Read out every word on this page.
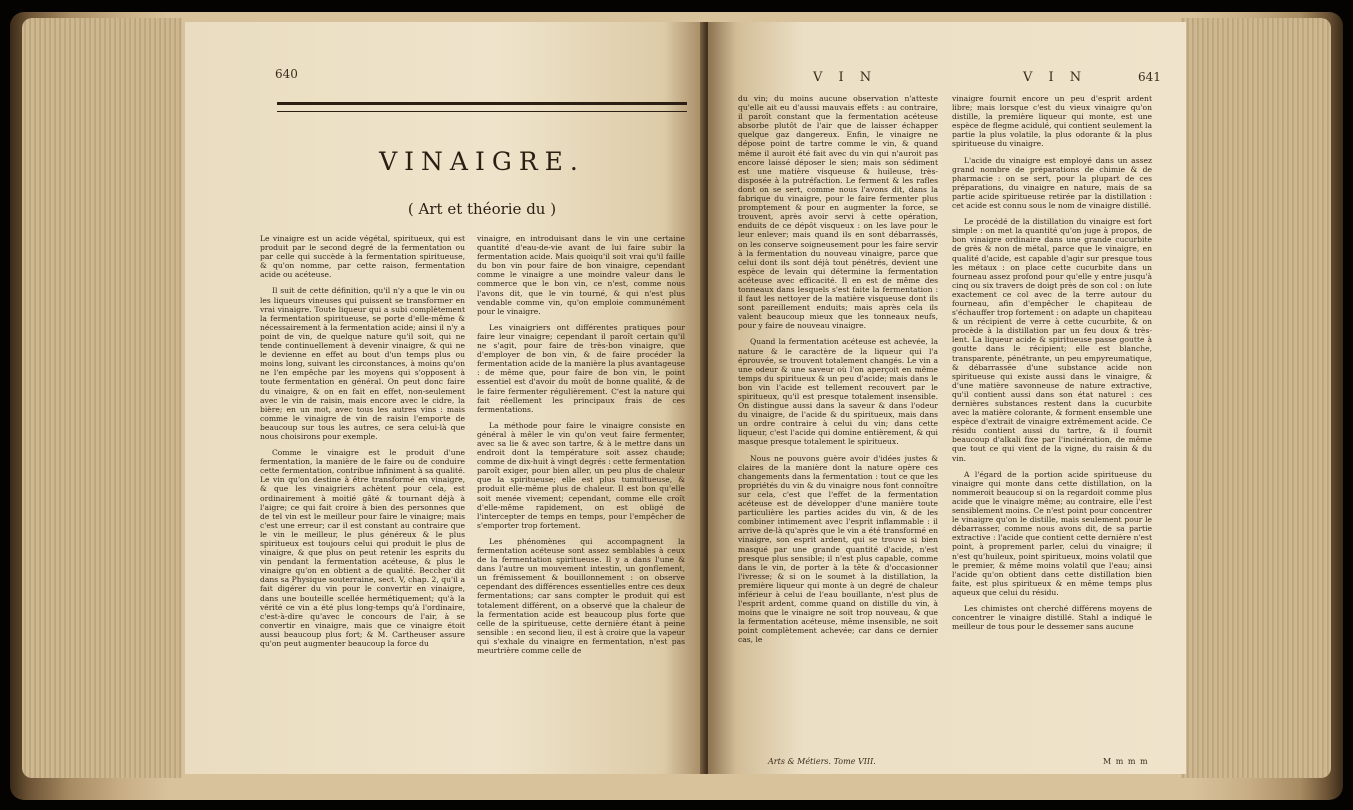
640
VINAIGRE.
( Art et théorie du )

Le vinaigre est un acide végétal, spiritueux, qui est produit par le second degré de la fermentation ou par celle qui succède à la fermentation spiritueuse, & qu'on nomme, par cette raison, fermentation acide ou acéteuse.

Il suit de cette définition, qu'il n'y a que le vin ou les liqueurs vineuses qui puissent se transformer en vrai vinaigre. Toute liqueur qui a subi complètement la fermentation spiritueuse, se porte d'elle-même & nécessairement à la fermentation acide; ainsi il n'y a point de vin, de quelque nature qu'il soit, qui ne tende continuellement à devenir vinaigre, & qui ne le devienne en effet au bout d'un temps plus ou moins long, suivant les circonstances, à moins qu'on ne l'en empêche par les moyens qui s'opposent à toute fermentation en général. On peut donc faire du vinaigre, & on en fait en effet, non-seulement avec le vin de raisin, mais encore avec le cidre, la bière; en un mot, avec tous les autres vins : mais comme le vinaigre de vin de raisin l'emporte de beaucoup sur tous les autres, ce sera celui-là que nous choisirons pour exemple.

Comme le vinaigre est le produit d'une fermentation, la manière de le faire ou de conduire cette fermentation, contribue infiniment à sa qualité. Le vin qu'on destine à être transformé en vinaigre, & que les vinaigriers achètent pour cela, est ordinairement à moitié gâté & tournant déjà à l'aigre; ce qui fait croire à bien des personnes que de tel vin est le meilleur pour faire le vinaigre; mais c'est une erreur; car il est constant au contraire que le vin le meilleur, le plus généreux & le plus spiritueux est toujours celui qui produit le plus de vinaigre, & que plus on peut retenir les esprits du vin pendant la fermentation acéteuse, & plus le vinaigre qu'on en obtient a de qualité. Beccher dit dans sa Physique souterraine, sect. V, chap. 2, qu'il a fait digérer du vin pour le convertir en vinaigre, dans une bouteille scellée hermétiquement; qu'à la vérité ce vin a été plus long-temps qu'à l'ordinaire, c'est-à-dire qu'avec le concours de l'air, à se convertir en vinaigre, mais que ce vinaigre étoit aussi beaucoup plus fort; & M. Cartheuser assure qu'on peut augmenter beaucoup la force du

vinaigre, en introduisant dans le vin une certaine quantité d'eau-de-vie avant de lui faire subir la fermentation acide. Mais quoiqu'il soit vrai qu'il faille du bon vin pour faire de bon vinaigre, cependant comme le vinaigre a une moindre valeur dans le commerce que le bon vin, ce n'est, comme nous l'avons dit, que le vin tourné, & qui n'est plus vendable comme vin, qu'on emploie communément pour le vinaigre.

Les vinaigriers ont différentes pratiques pour faire leur vinaigre; cependant il paroît certain qu'il ne s'agit, pour faire de très-bon vinaigre, que d'employer de bon vin, & de faire procéder la fermentation acide de la manière la plus avantageuse : de même que, pour faire de bon vin, le point essentiel est d'avoir du moût de bonne qualité, & de le faire fermenter régulièrement. C'est la nature qui fait réellement les principaux frais de ces fermentations.

La méthode pour faire le vinaigre consiste en général à mêler le vin qu'on veut faire fermenter, avec sa lie & avec son tartre, & à le mettre dans un endroit dont la température soit assez chaude; comme de dix-huit à vingt degrés : cette fermentation paroît exiger, pour bien aller, un peu plus de chaleur que la spiritueuse; elle est plus tumultueuse, & produit elle-même plus de chaleur. Il est bon qu'elle soit menée vivement; cependant, comme elle croît d'elle-même rapidement, on est obligé de l'intercepter de temps en temps, pour l'empêcher de s'emporter trop fortement.

Les phénomènes qui accompagnent la fermentation acéteuse sont assez semblables à ceux de la fermentation spiritueuse. Il y a dans l'une & dans l'autre un mouvement intestin, un gonflement, un frémissement & bouillonnement : on observe cependant des différences essentielles entre ces deux fermentations; car sans compter le produit qui est totalement différent, on a observé que la chaleur de la fermentation acide est beaucoup plus forte que celle de la spiritueuse, cette dernière étant à peine sensible : en second lieu, il est à croire que la vapeur qui s'exhale du vinaigre en fermentation, n'est pas meurtrière comme celle de

V I N	V I N	641

du vin; du moins aucune observation n'atteste qu'elle ait eu d'aussi mauvais effets : au contraire, il paroît constant que la fermentation acéteuse absorbe plutôt de l'air que de laisser échapper quelque gaz dangereux. Enfin, le vinaigre ne dépose point de tartre comme le vin, & quand même il auroit été fait avec du vin qui n'auroit pas encore laissé déposer le sien; mais son sédiment est une matière visqueuse & huileuse, très-disposée à la putréfaction. Le ferment & les rafles dont on se sert, comme nous l'avons dit, dans la fabrique du vinaigre, pour le faire fermenter plus promptement & pour en augmenter la force, se trouvent, après avoir servi à cette opération, enduits de ce dépôt visqueux : on les lave pour le leur enlever; mais quand ils en sont débarrassés, on les conserve soigneusement pour les faire servir à la fermentation du nouveau vinaigre, parce que celui dont ils sont déjà tout pénétrés, devient une espèce de levain qui détermine la fermentation acéteuse avec efficacité. Il en est de même des tonneaux dans lesquels s'est faite la fermentation : il faut les nettoyer de la matière visqueuse dont ils sont pareillement enduits; mais après cela ils valent beaucoup mieux que les tonneaux neufs, pour y faire de nouveau vinaigre.

Quand la fermentation acéteuse est achevée, la nature & le caractère de la liqueur qui l'a éprouvée, se trouvent totalement changés. Le vin a une odeur & une saveur où l'on aperçoit en même temps du spiritueux & un peu d'acide; mais dans le bon vin l'acide est tellement recouvert par le spiritueux, qu'il est presque totalement insensible. On distingue aussi dans la saveur & dans l'odeur du vinaigre, de l'acide & du spiritueux, mais dans un ordre contraire à celui du vin; dans cette liqueur, c'est l'acide qui domine entièrement, & qui masque presque totalement le spiritueux.

Nous ne pouvons guère avoir d'idées justes & claires de la manière dont la nature opère ces changements dans la fermentation : tout ce que les propriétés du vin & du vinaigre nous font connoître sur cela, c'est que l'effet de la fermentation acéteuse est de développer d'une manière toute particulière les parties acides du vin, & de les combiner intimement avec l'esprit inflammable : il arrive de-là qu'après que le vin a été transformé en vinaigre, son esprit ardent, qui se trouve si bien masqué par une grande quantité d'acide, n'est presque plus sensible; il n'est plus capable, comme dans le vin, de porter à la tête & d'occasionner l'ivresse; & si on le soumet à la distillation, la première liqueur qui monte à un degré de chaleur inférieur à celui de l'eau bouillante, n'est plus de l'esprit ardent, comme quand on distille du vin, à moins que le vinaigre ne soit trop nouveau, & que la fermentation acéteuse, même insensible, ne soit point complètement achevée; car dans ce dernier cas, le

vinaigre fournit encore un peu d'esprit ardent libre; mais lorsque c'est du vieux vinaigre qu'on distille, la première liqueur qui monte, est une espèce de flegme acidulé, qui contient seulement la partie la plus volatile, la plus odorante & la plus spiritueuse du vinaigre.

L'acide du vinaigre est employé dans un assez grand nombre de préparations de chimie & de pharmacie : on se sert, pour la plupart de ces préparations, du vinaigre en nature, mais de sa partie acide spiritueuse retirée par la distillation : cet acide est connu sous le nom de vinaigre distillé.

Le procédé de la distillation du vinaigre est fort simple : on met la quantité qu'on juge à propos, de bon vinaigre ordinaire dans une grande cucurbite de grès & non de métal, parce que le vinaigre, en qualité d'acide, est capable d'agir sur presque tous les métaux : on place cette cucurbite dans un fourneau assez profond pour qu'elle y entre jusqu'à cinq ou six travers de doigt près de son col : on lute exactement ce col avec de la terre autour du fourneau, afin d'empêcher le chapiteau de s'échauffer trop fortement : on adapte un chapiteau & un récipient de verre à cette cucurbite, & on procède à la distillation par un feu doux & très-lent. La liqueur acide & spiritueuse passe goutte à goutte dans le récipient; elle est blanche, transparente, pénétrante, un peu empyreumatique, & débarrassée d'une substance acide non spiritueuse qui existe aussi dans le vinaigre, & d'une matière savonneuse de nature extractive, qu'il contient aussi dans son état naturel : ces dernières substances restent dans la cucurbite avec la matière colorante, & forment ensemble une espèce d'extrait de vinaigre extrêmement acide. Ce résidu contient aussi du tartre, & il fournit beaucoup d'alkali fixe par l'incinération, de même que tout ce qui vient de la vigne, du raisin & du vin.

A l'égard de la portion acide spiritueuse du vinaigre qui monte dans cette distillation, on la nommeroit beaucoup si on la regardoit comme plus acide que le vinaigre même; au contraire, elle l'est sensiblement moins. Ce n'est point pour concentrer le vinaigre qu'on le distille, mais seulement pour le débarrasser, comme nous avons dit, de sa partie extractive : l'acide que contient cette dernière n'est point, à proprement parler, celui du vinaigre; il n'est qu'huileux, point spiritueux, moins volatil que le premier, & même moins volatil que l'eau; ainsi l'acide qu'on obtient dans cette distillation bien faite, est plus spiritueux & en même temps plus aqueux que celui du résidu.

Les chimistes ont cherché différens moyens de concentrer le vinaigre distillé. Stahl a indiqué le meilleur de tous pour le dessemer sans aucune

Arts & Métiers. Tome VIII.	M m m m
